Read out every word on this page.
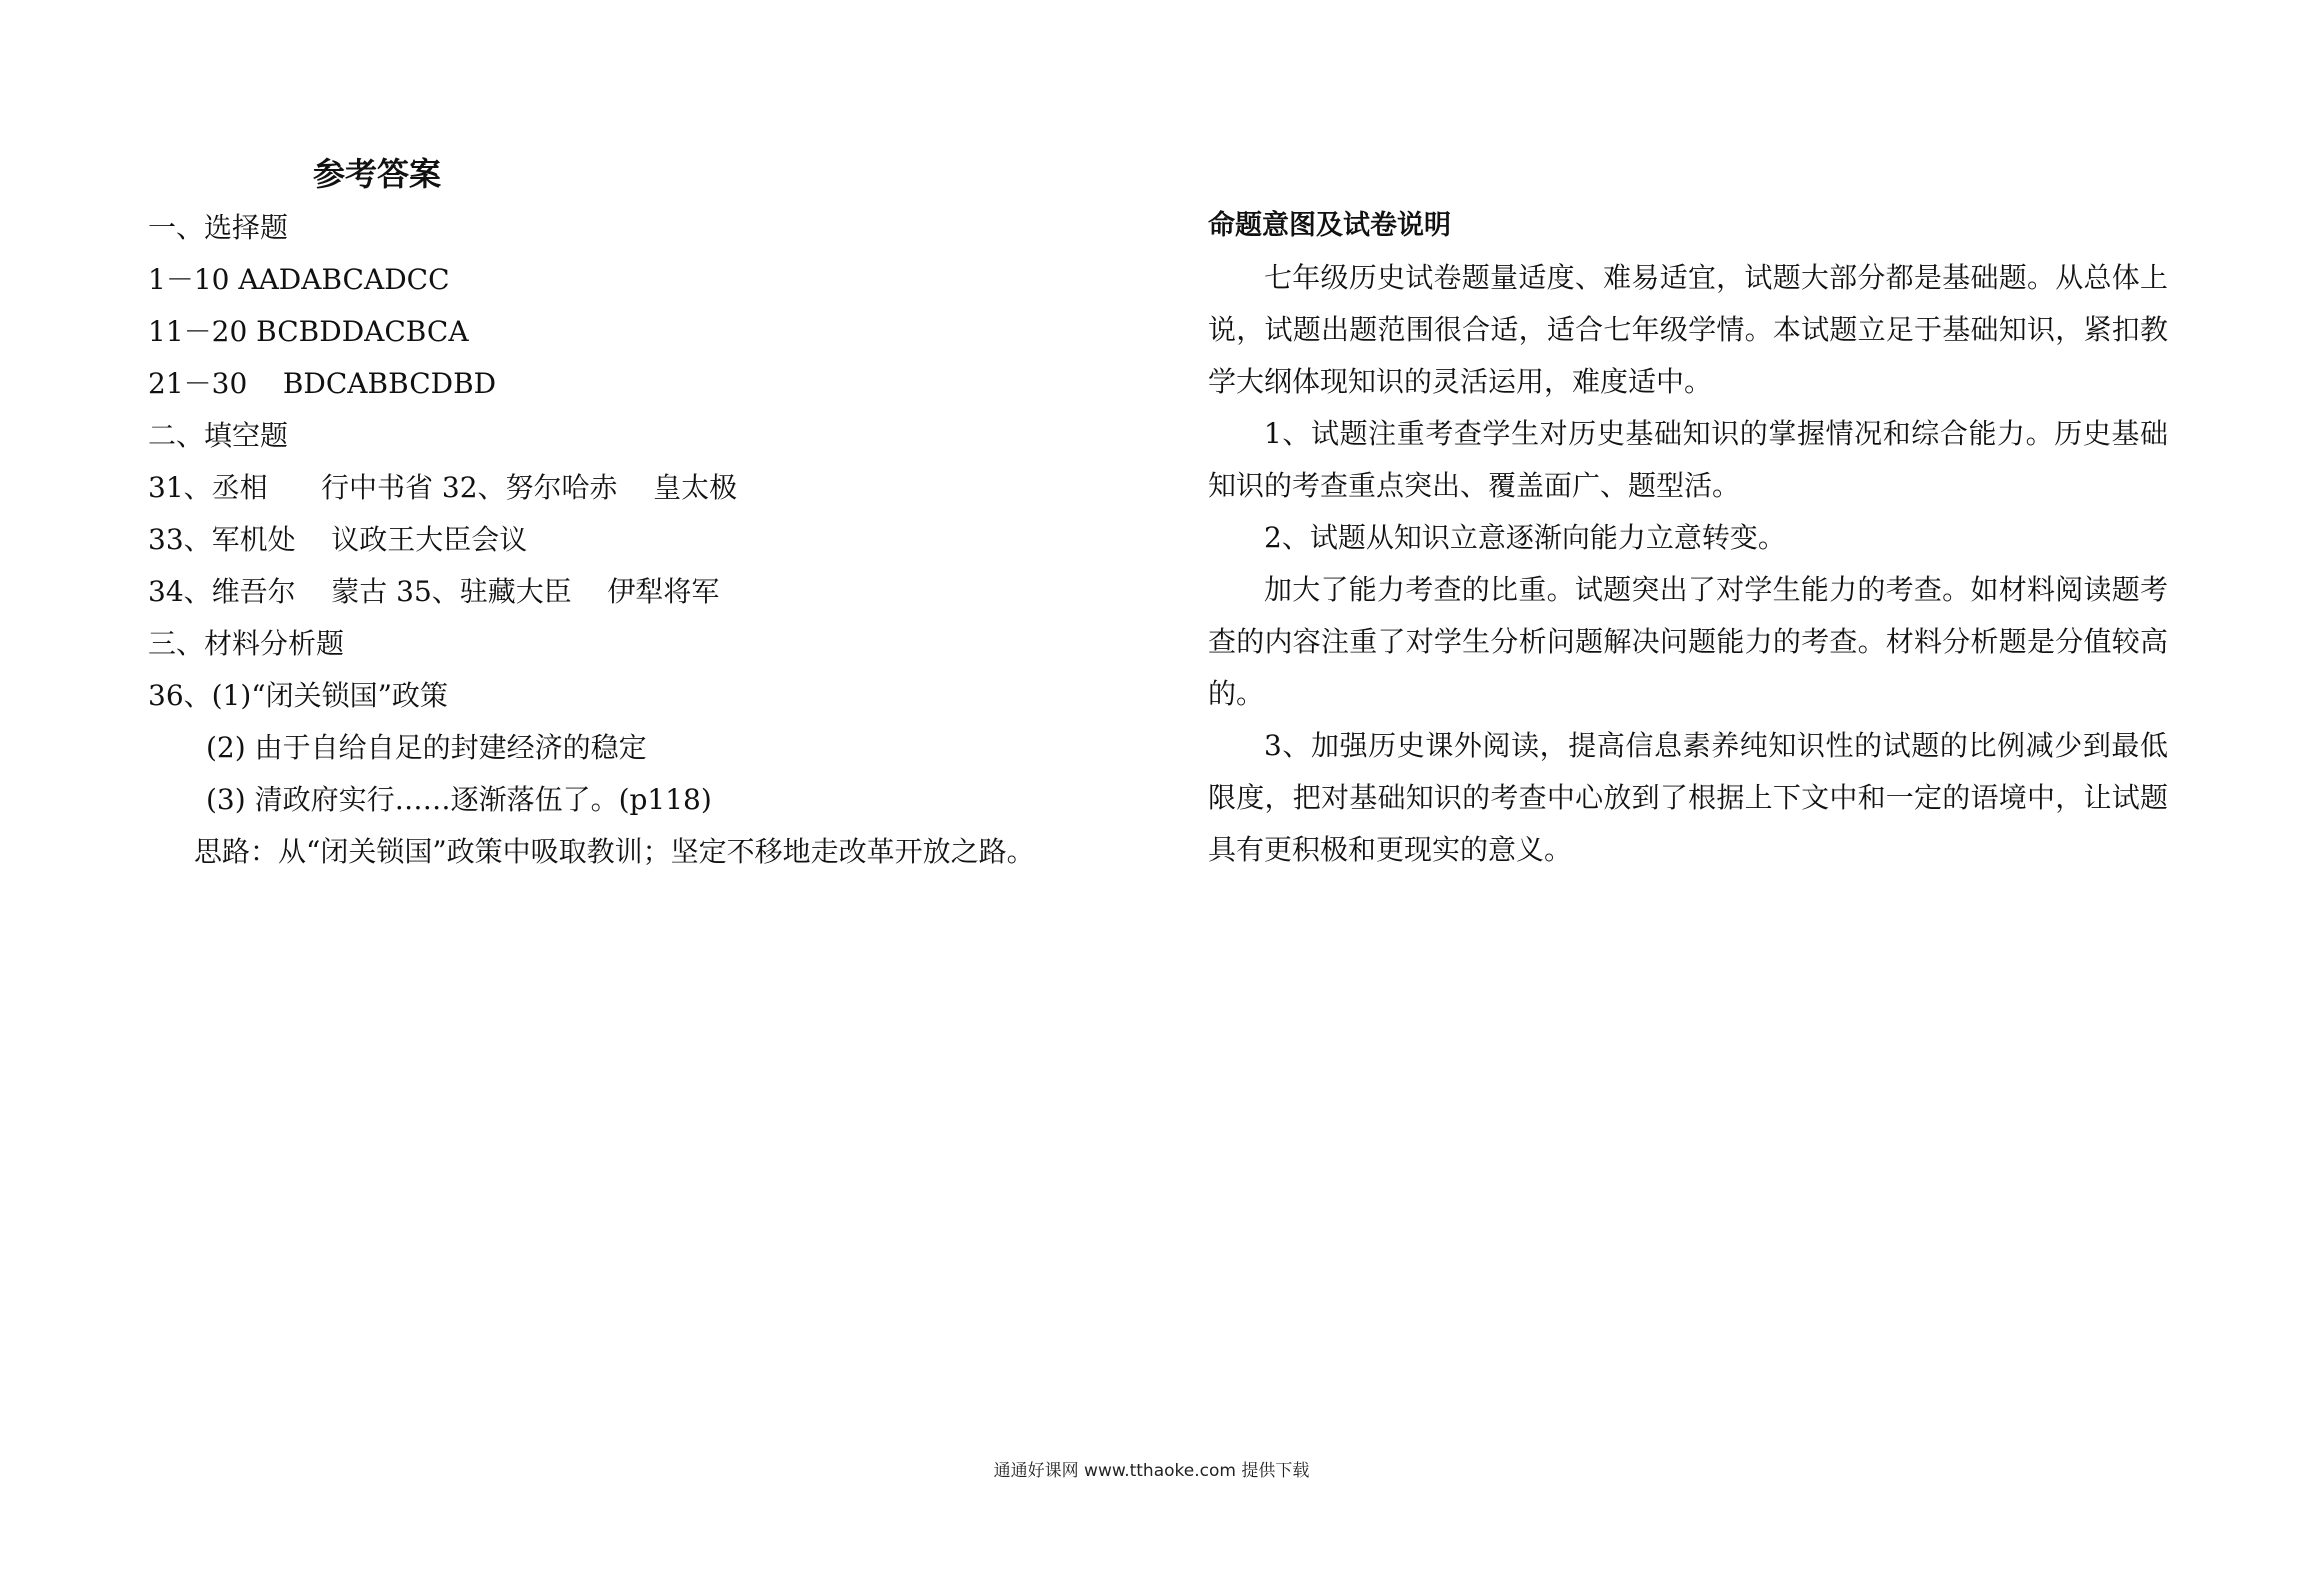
参考答案
一、选择题
1－10 AADABCADCC
11－20 BCBDDACBCA
21－30    BDCABBCDBD
二、填空题
31、丞相      行中书省 32、努尔哈赤    皇太极
33、军机处    议政王大臣会议
34、维吾尔    蒙古 35、驻藏大臣    伊犁将军
三、材料分析题
36、(1)“闭关锁国”政策
(2) 由于自给自足的封建经济的稳定
(3) 清政府实行……逐渐落伍了。(p118)
思路：从“闭关锁国”政策中吸取教训；坚定不移地走改革开放之路。
命题意图及试卷说明

七年级历史试卷题量适度、难易适宜，试题大部分都是基础题。从总体上说，试题出题范围很合适，适合七年级学情。本试题立足于基础知识，紧扣教学大纲体现知识的灵活运用，难度适中。

1、试题注重考查学生对历史基础知识的掌握情况和综合能力。历史基础知识的考查重点突出、覆盖面广、题型活。

2、试题从知识立意逐渐向能力立意转变。

加大了能力考查的比重。试题突出了对学生能力的考查。如材料阅读题考查的内容注重了对学生分析问题解决问题能力的考查。材料分析题是分值较高的。

3、加强历史课外阅读，提高信息素养纯知识性的试题的比例减少到最低限度，把对基础知识的考查中心放到了根据上下文中和一定的语境中，让试题具有更积极和更现实的意义。

通通好课网 www.tthaoke.com 提供下载
